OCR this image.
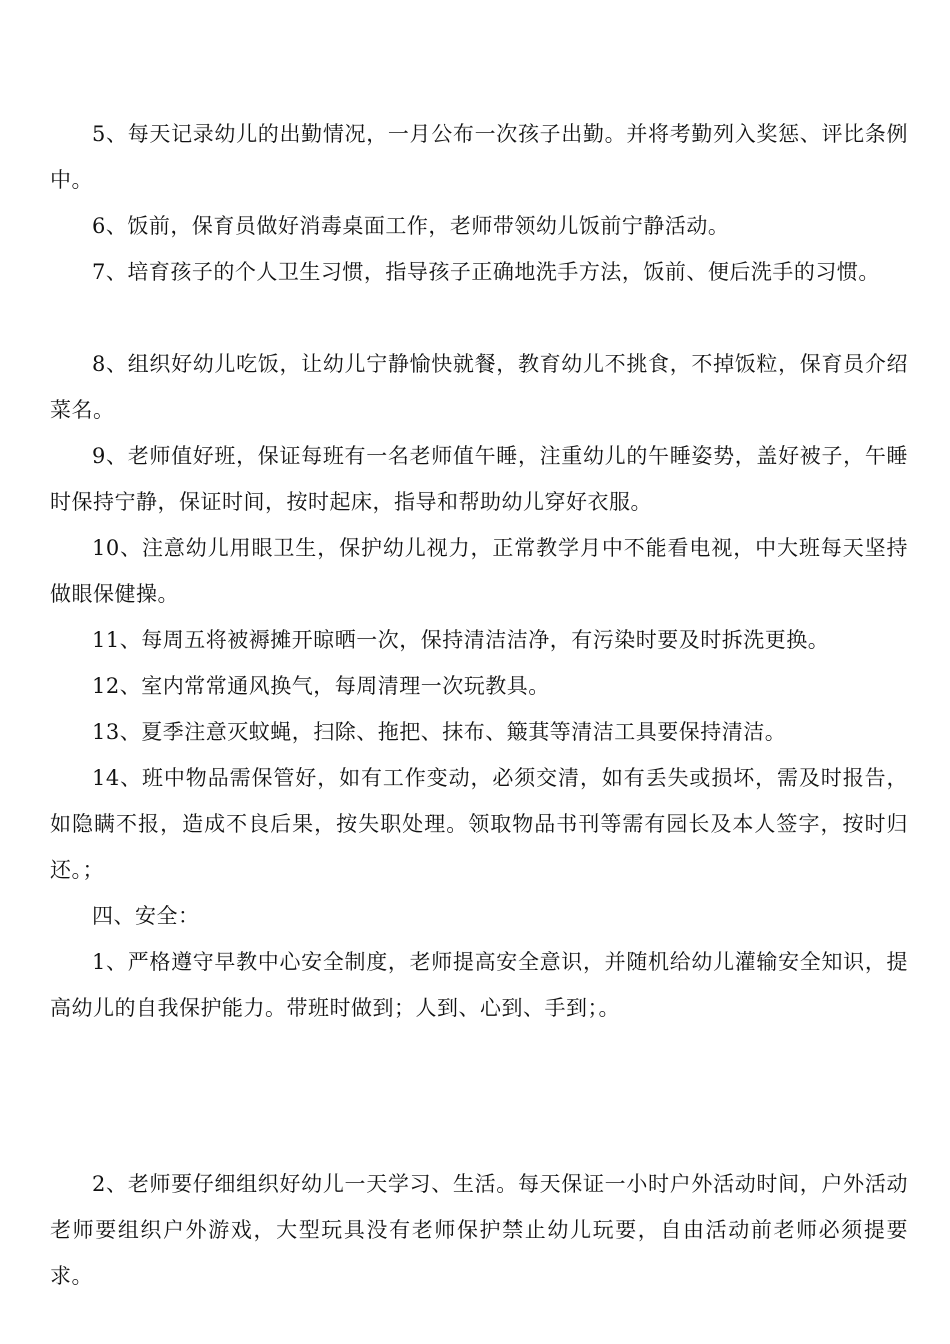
5、每天记录幼儿的出勤情况，一月公布一次孩子出勤。并将考勤列入奖惩、评比条例中。

6、饭前，保育员做好消毒桌面工作，老师带领幼儿饭前宁静活动。

7、培育孩子的个人卫生习惯，指导孩子正确地洗手方法，饭前、便后洗手的习惯。

8、组织好幼儿吃饭，让幼儿宁静愉快就餐，教育幼儿不挑食，不掉饭粒，保育员介绍菜名。

9、老师值好班，保证每班有一名老师值午睡，注重幼儿的午睡姿势，盖好被子，午睡时保持宁静，保证时间，按时起床，指导和帮助幼儿穿好衣服。

10、注意幼儿用眼卫生，保护幼儿视力，正常教学月中不能看电视，中大班每天坚持做眼保健操。

11、每周五将被褥摊开晾晒一次，保持清洁洁净，有污染时要及时拆洗更换。

12、室内常常通风换气，每周清理一次玩教具。

13、夏季注意灭蚊蝇，扫除、拖把、抹布、簸萁等清洁工具要保持清洁。

14、班中物品需保管好，如有工作变动，必须交清，如有丢失或损坏，需及时报告，如隐瞒不报，造成不良后果，按失职处理。领取物品书刊等需有园长及本人签字，按时归还。；

四、安全：

1、严格遵守早教中心安全制度，老师提高安全意识，并随机给幼儿灌输安全知识，提高幼儿的自我保护能力。带班时做到；人到、心到、手到；。

2、老师要仔细组织好幼儿一天学习、生活。每天保证一小时户外活动时间，户外活动老师要组织户外游戏，大型玩具没有老师保护禁止幼儿玩要，自由活动前老师必须提要求。
